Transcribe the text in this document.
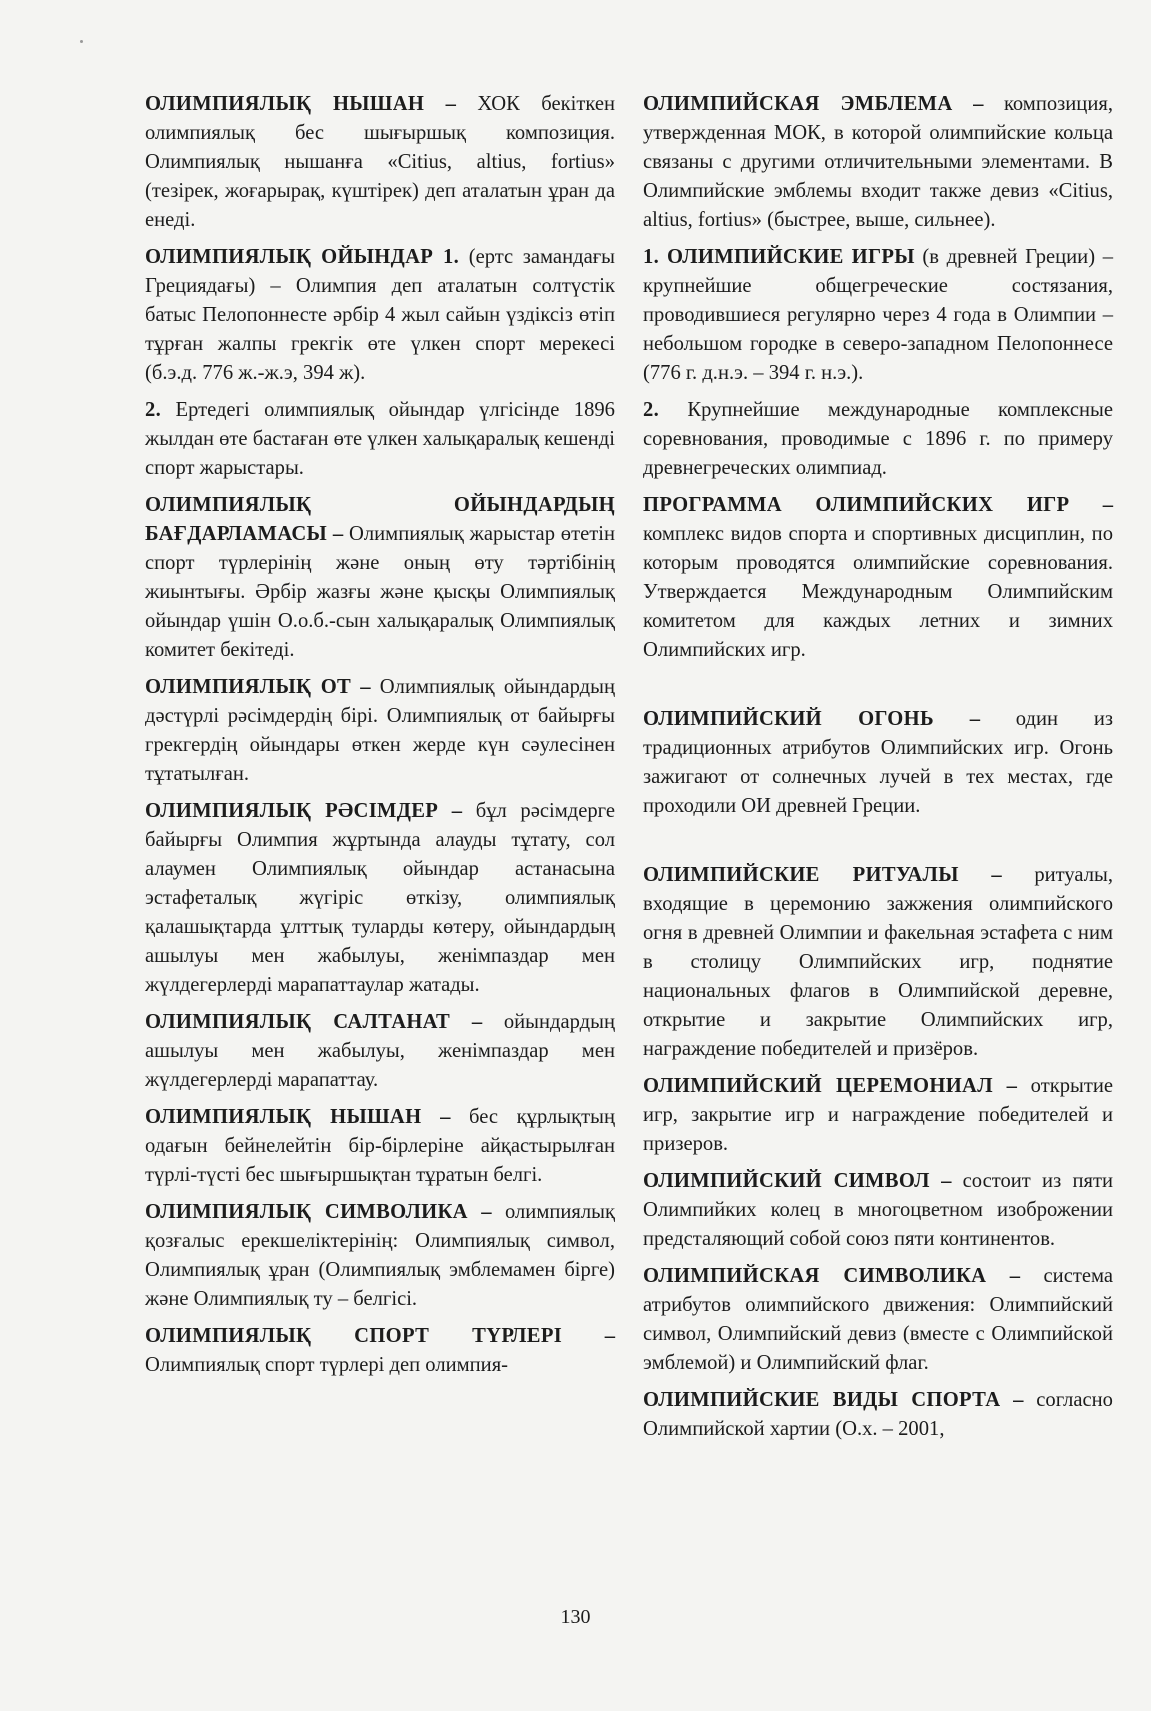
ОЛИМПИЯЛЫҚ НЫШАН – ХОК бекіткен олимпиялық бес шығыршық композиция. Олимпиялық нышанға «Citius, altius, fortius» (тезірек, жоғарырақ, күштірек) деп аталатын ұран да енеді.

ОЛИМПИЯЛЫҚ ОЙЫНДАР 1. (ертс замандағы Грециядағы) – Олимпия деп аталатын солтүстік батыс Пелопоннесте әрбір 4 жыл сайын үздіксіз өтіп тұрған жалпы грекгік өте үлкен спорт мерекесі (б.э.д. 776 ж.-ж.э, 394 ж).

2. Ертедегі олимпиялық ойындар үлгісінде 1896 жылдан өте бастаған өте үлкен халықаралық кешенді спорт жарыстары.

ОЛИМПИЯЛЫҚ ОЙЫНДАРДЫҢ БАҒДАРЛАМАСЫ – Олимпиялық жарыстар өтетін спорт түрлерінің және оның өту тәртібінің жиынтығы. Әрбір жазғы және қысқы Олимпиялық ойындар үшін О.о.б.-сын халықаралық Олимпиялық комитет бекітеді.

ОЛИМПИЯЛЫҚ ОТ – Олимпиялық ойындардың дәстүрлі рәсімдердің бірі. Олимпиялық от байырғы грекгердің ойындары өткен жерде күн сәулесінен тұтатылған.

ОЛИМПИЯЛЫҚ РӘСІМДЕР – бұл рәсімдерге байырғы Олимпия жұртында алауды тұтату, сол алаумен Олимпиялық ойындар астанасына эстафеталық жүгіріс өткізу, олимпиялық қалашықтарда ұлттық туларды көтеру, ойындардың ашылуы мен жабылуы, женімпаздар мен жүлдегерлерді марапаттаулар жатады.

ОЛИМПИЯЛЫҚ САЛТАНАТ – ойындардың ашылуы мен жабылуы, женімпаздар мен жүлдегерлерді марапаттау.

ОЛИМПИЯЛЫҚ НЫШАН – бес құрлықтың одағын бейнелейтін бір-бірлеріне айқастырылған түрлі-түсті бес шығыршықтан тұратын белгі.

ОЛИМПИЯЛЫҚ СИМВОЛИКА – олимпиялық қозғалыс ерекшеліктерінің: Олимпиялық символ, Олимпиялық ұран (Олимпиялық эмблемамен бірге) және Олимпиялық ту – белгісі.

ОЛИМПИЯЛЫҚ СПОРТ ТҮРЛЕРІ – Олимпиялық спорт түрлері деп олимпия-

ОЛИМПИЙСКАЯ ЭМБЛЕМА – композиция, утвержденная МОК, в которой олимпийские кольца связаны с другими отличительными элементами. В Олимпийские эмблемы входит также девиз «Citius, altius, fortius» (быстрее, выше, сильнее).

1. ОЛИМПИЙСКИЕ ИГРЫ (в древней Греции) – крупнейшие общегреческие состязания, проводившиеся регулярно через 4 года в Олимпии – небольшом городке в северо-западном Пелопоннесе (776 г. д.н.э. – 394 г. н.э.).

2. Крупнейшие международные комплексные соревнования, проводимые с 1896 г. по примеру древнегреческих олимпиад.

ПРОГРАММА ОЛИМПИЙСКИХ ИГР – комплекс видов спорта и спортивных дисциплин, по которым проводятся олимпийские соревнования. Утверждается Международным Олимпийским комитетом для каждых летних и зимних Олимпийских игр.

ОЛИМПИЙСКИЙ ОГОНЬ – один из традиционных атрибутов Олимпийских игр. Огонь зажигают от солнечных лучей в тех местах, где проходили ОИ древней Греции.

ОЛИМПИЙСКИЕ РИТУАЛЫ – ритуалы, входящие в церемонию зажжения олимпийского огня в древней Олимпии и факельная эстафета с ним в столицу Олимпийских игр, поднятие национальных флагов в Олимпийской деревне, открытие и закрытие Олимпийских игр, награждение победителей и призёров.

ОЛИМПИЙСКИЙ ЦЕРЕМОНИАЛ – открытие игр, закрытие игр и награждение победителей и призеров.

ОЛИМПИЙСКИЙ СИМВОЛ – состоит из пяти Олимпийких колец в многоцветном изоброжении предсталяющий собой союз пяти континентов.

ОЛИМПИЙСКАЯ СИМВОЛИКА – система атрибутов олимпийского движения: Олимпийский символ, Олимпийский девиз (вместе с Олимпийской эмблемой) и Олимпийский флаг.

ОЛИМПИЙСКИЕ ВИДЫ СПОРТА – согласно Олимпийской хартии (О.х. – 2001,

130
